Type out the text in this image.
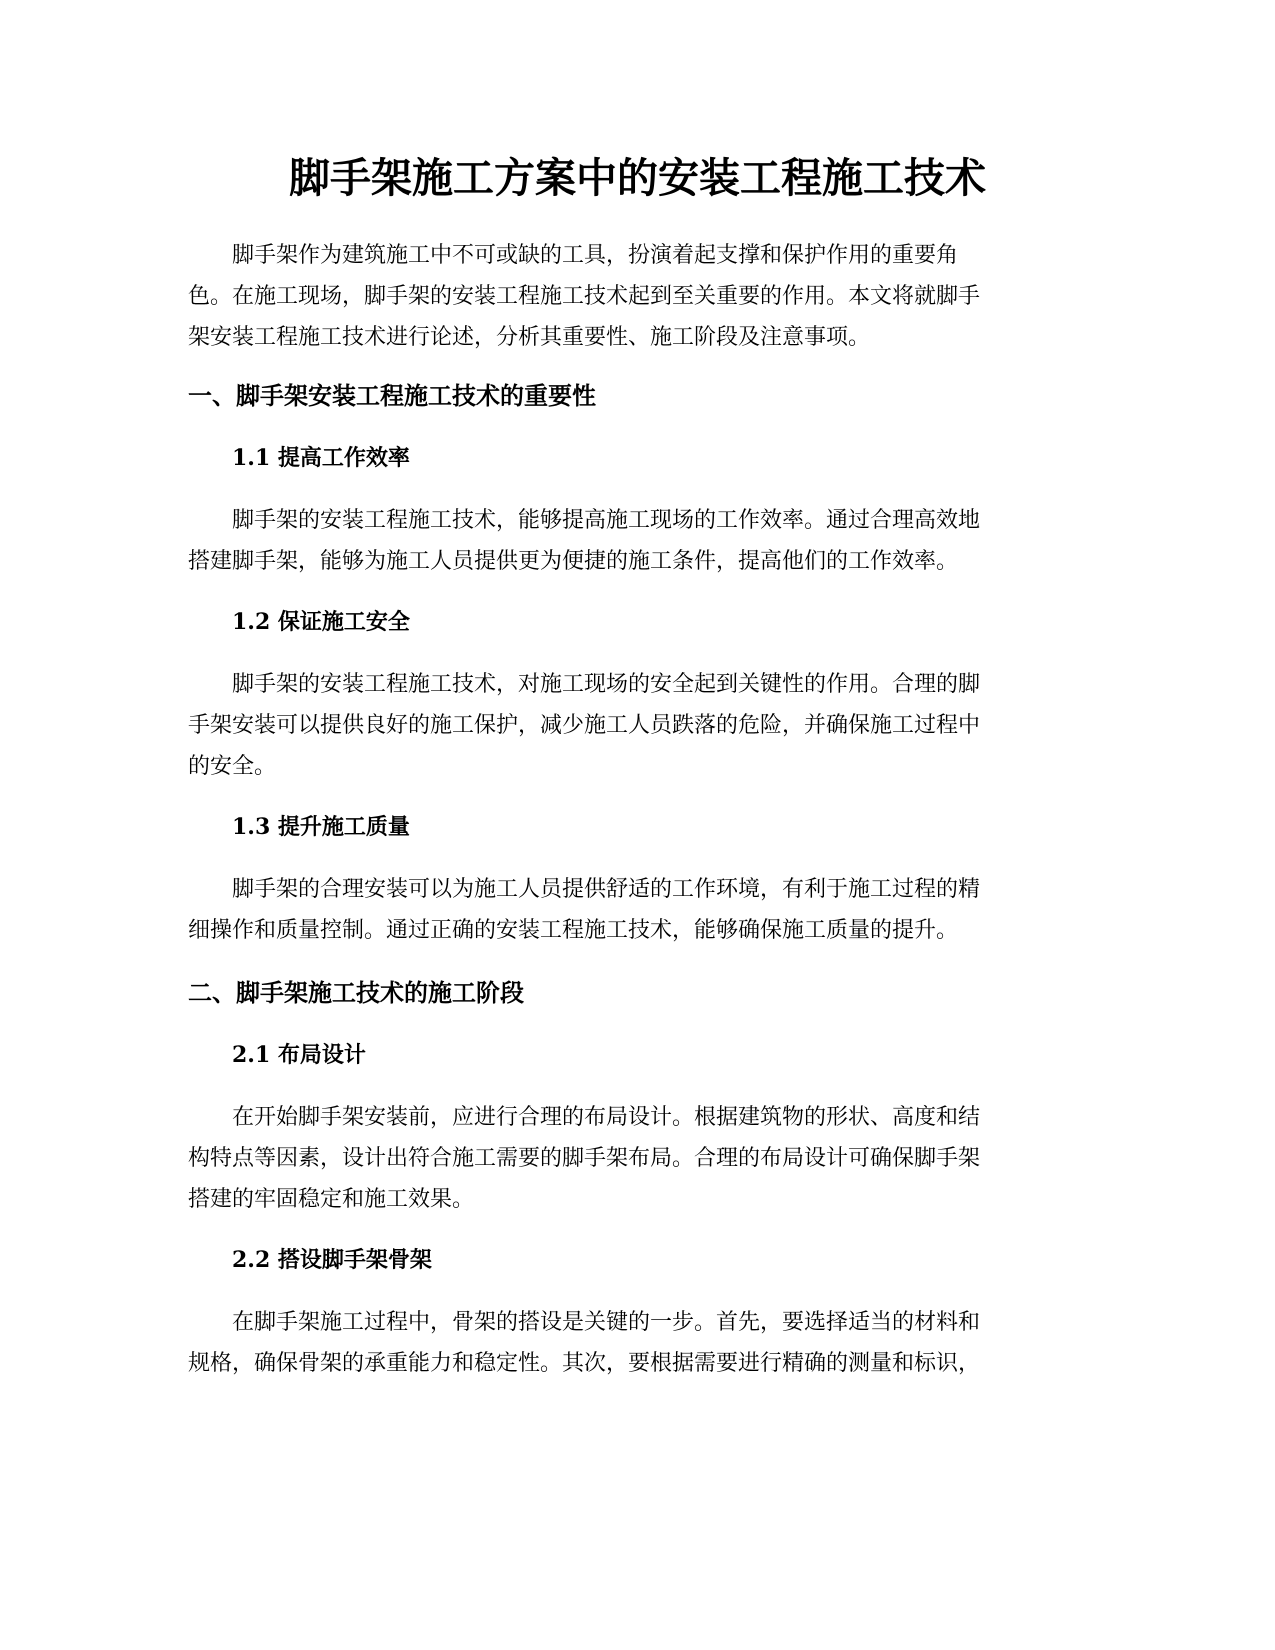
脚手架施工方案中的安装工程施工技术
脚手架作为建筑施工中不可或缺的工具，扮演着起支撑和保护作用的重要角
色。在施工现场，脚手架的安装工程施工技术起到至关重要的作用。本文将就脚手
架安装工程施工技术进行论述，分析其重要性、施工阶段及注意事项。
一、脚手架安装工程施工技术的重要性
1.1 提高工作效率
脚手架的安装工程施工技术，能够提高施工现场的工作效率。通过合理高效地
搭建脚手架，能够为施工人员提供更为便捷的施工条件，提高他们的工作效率。
1.2 保证施工安全
脚手架的安装工程施工技术，对施工现场的安全起到关键性的作用。合理的脚
手架安装可以提供良好的施工保护，减少施工人员跌落的危险，并确保施工过程中
的安全。
1.3 提升施工质量
脚手架的合理安装可以为施工人员提供舒适的工作环境，有利于施工过程的精
细操作和质量控制。通过正确的安装工程施工技术，能够确保施工质量的提升。
二、脚手架施工技术的施工阶段
2.1 布局设计
在开始脚手架安装前，应进行合理的布局设计。根据建筑物的形状、高度和结
构特点等因素，设计出符合施工需要的脚手架布局。合理的布局设计可确保脚手架
搭建的牢固稳定和施工效果。
2.2 搭设脚手架骨架
在脚手架施工过程中，骨架的搭设是关键的一步。首先，要选择适当的材料和
规格，确保骨架的承重能力和稳定性。其次，要根据需要进行精确的测量和标识，
